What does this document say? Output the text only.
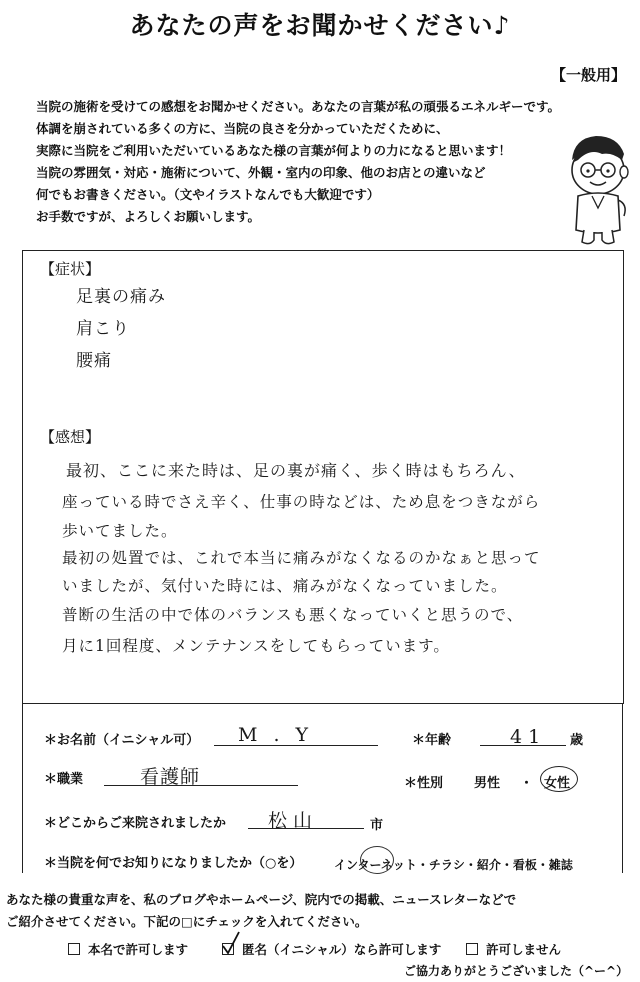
あなたの声をお聞かせください♪
【一般用】
当院の施術を受けての感想をお聞かせください。あなたの言葉が私の頑張るエネルギーです。
体調を崩されている多くの方に、当院の良さを分かっていただくために、
実際に当院をご利用いただいているあなた様の言葉が何よりの力になると思います！
当院の雰囲気・対応・施術について、外観・室内の印象、他のお店との違いなど
何でもお書きください。（文やイラストなんでも大歓迎です）
お手数ですが、よろしくお願いします。
【症状】
足裏の痛み
肩こり
腰痛
【感想】
最初、ここに来た時は、足の裏が痛く、歩く時はもちろん、
座っている時でさえ辛く、仕事の時などは、ため息をつきながら
歩いてました。
最初の処置では、これで本当に痛みがなくなるのかなぁと思って
いましたが、気付いた時には、痛みがなくなっていました。
普断の生活の中で体のバランスも悪くなっていくと思うので、
月に1回程度、メンテナンスをしてもらっています。
＊お名前（イニシャル可） M.Y	＊年齢	41 歳
＊職業	看護師	＊性別 男性 ・ 女性
＊どこからご来院されましたか 松山	市
＊当院を何でお知りになりましたか（○を）	インターネット・チラシ・紹介・看板・雑誌
あなた様の貴重な声を、私のブログやホームページ、院内での掲載、ニュースレターなどで
ご紹介させてください。下記の□にチェックを入れてください。
本名で許可します	匿名（イニシャル）なら許可します	許可しません
ご協力ありがとうございました（^ー^）
